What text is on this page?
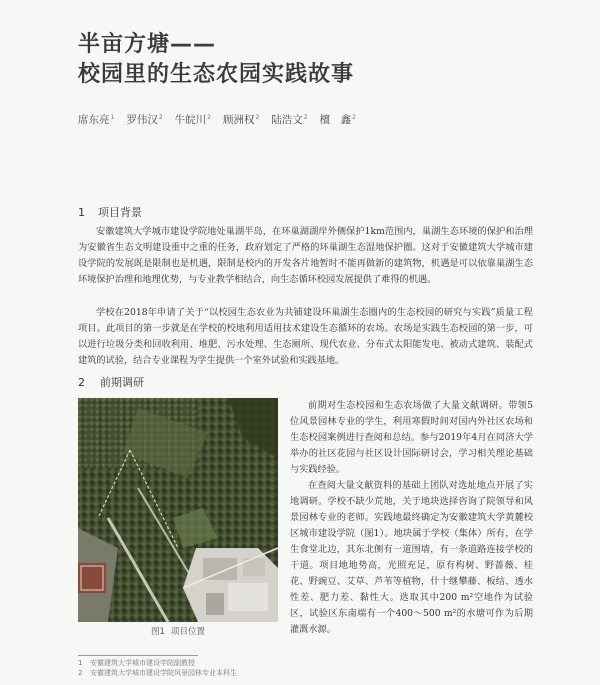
半亩方塘——
校园里的生态农园实践故事
席东亮$^1$ 罗伟汉$^2$ 牛皖川$^2$ 顾洲权$^2$ 陆浩文$^2$ 檀　鑫$^2$
1 项目背景

安徽建筑大学城市建设学院地处巢湖半岛，在环巢湖湖岸外侧保护1km范围内，巢湖生态环境的保护和治理为安徽省生态文明建设重中之重的任务，政府划定了严格的环巢湖生态湿地保护圈。这对于安徽建筑大学城市建设学院的发展既是限制也是机遇，限制是校内的开发各片地暂时不能再做新的建筑物，机遇是可以依靠巢湖生态环境保护治理和地理优势，与专业教学相结合，向生态循环校园发展提供了难得的机遇。

学校在2018年申请了关于“以校园生态农业为共铺建设环巢湖生态圈内的生态校园的研究与实践”质量工程项目。此项目的第一步就是在学校的校地利用适用技术建设生态循环的农场。农场是实践生态校园的第一步，可以进行垃圾分类和回收利用、堆肥、污水处理、生态厕所、现代农业、分布式太阳能发电、被动式建筑、装配式建筑的试验，结合专业课程为学生提供一个室外试验和实践基地。

2 前期调研
图1 项目位置

前期对生态校园和生态农场做了大量文献调研。带领5位风景园林专业的学生，利用寒假时间对国内外社区农场和生态校园案例进行查阅和总结。参与2019年4月在同济大学举办的社区花园与社区设计国际研讨会，学习相关理论基础与实践经验。

在查阅大量文献资料的基础上团队对选址地点开展了实地调研。学校不缺少荒地，关于地块选择咨询了院领导和风景园林专业的老师。实践地最终确定为安徽建筑大学黄麓校区城市建设学院（图1）。地块属于学校（集体）所有，在学生食堂北边，其东北侧有一道围墙，有一条道路连接学校的干道。项目地地势高，光照充足，原有构树、野蔷薇、桂花、野豌豆、艾草、芦苇等植物，什十继攀藤、板结、透水性差、肥力差、黏性大。选取其中200 m²空地作为试验区，试验区东南端有一个400～500 m²的水塘可作为后期灌溉水源。

1 安徽建筑大学城市建设学院副教授
2 安徽建筑大学城市建设学院风景园林专业本科生
